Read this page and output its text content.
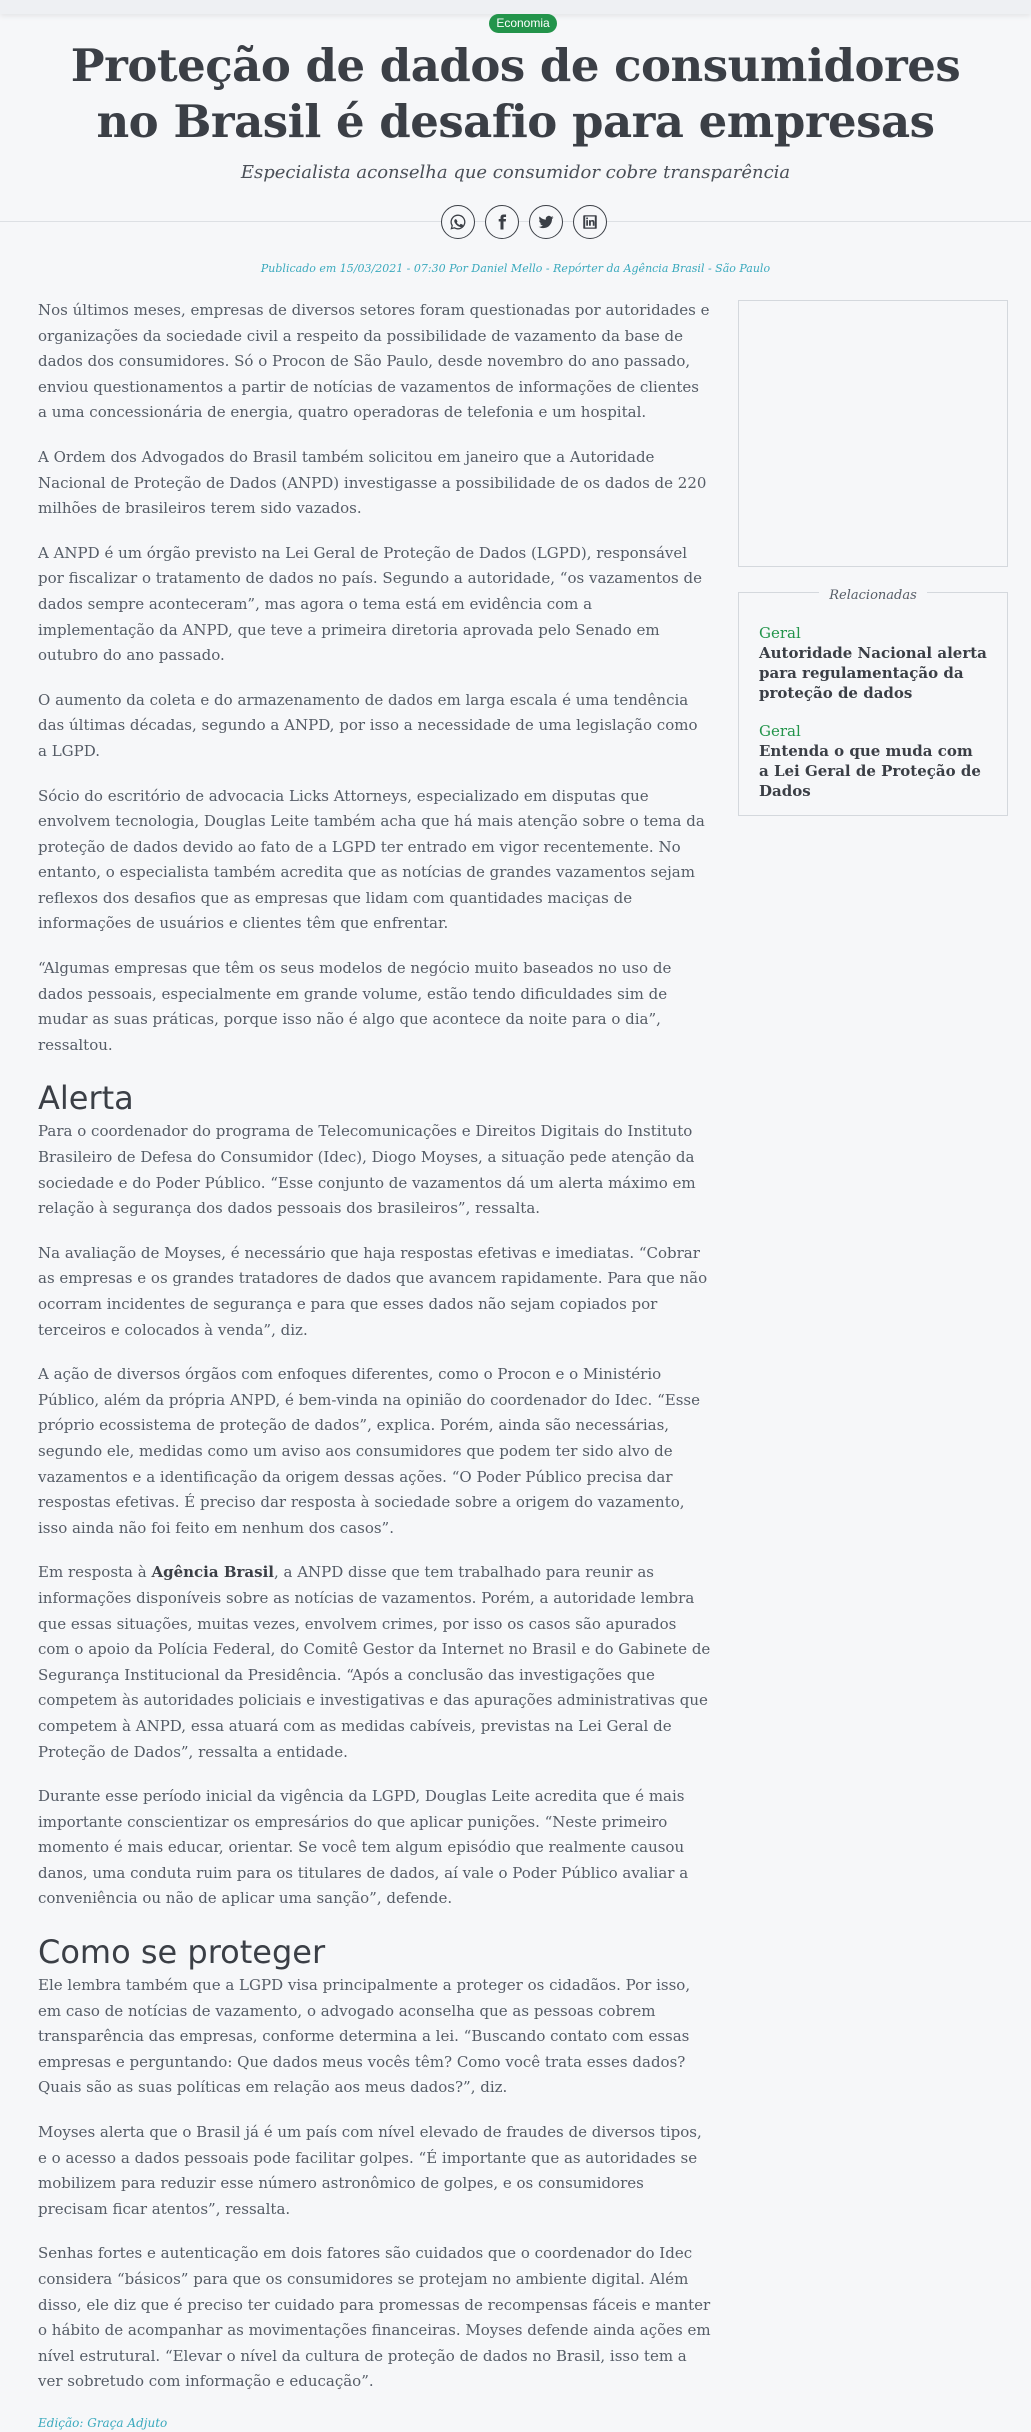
Economia
Proteção de dados de consumidores no Brasil é desafio para empresas
Especialista aconselha que consumidor cobre transparência
Publicado em 15/03/2021 - 07:30 Por Daniel Mello - Repórter da Agência Brasil - São Paulo

Nos últimos meses, empresas de diversos setores foram questionadas por autoridades e organizações da sociedade civil a respeito da possibilidade de vazamento da base de dados dos consumidores. Só o Procon de São Paulo, desde novembro do ano passado, enviou questionamentos a partir de notícias de vazamentos de informações de clientes a uma concessionária de energia, quatro operadoras de telefonia e um hospital.

A Ordem dos Advogados do Brasil também solicitou em janeiro que a Autoridade Nacional de Proteção de Dados (ANPD) investigasse a possibilidade de os dados de 220 milhões de brasileiros terem sido vazados.

A ANPD é um órgão previsto na Lei Geral de Proteção de Dados (LGPD), responsável por fiscalizar o tratamento de dados no país. Segundo a autoridade, “os vazamentos de dados sempre aconteceram”, mas agora o tema está em evidência com a implementação da ANPD, que teve a primeira diretoria aprovada pelo Senado em outubro do ano passado.

O aumento da coleta e do armazenamento de dados em larga escala é uma tendência das últimas décadas, segundo a ANPD, por isso a necessidade de uma legislação como a LGPD.

Sócio do escritório de advocacia Licks Attorneys, especializado em disputas que envolvem tecnologia, Douglas Leite também acha que há mais atenção sobre o tema da proteção de dados devido ao fato de a LGPD ter entrado em vigor recentemente. No entanto, o especialista também acredita que as notícias de grandes vazamentos sejam reflexos dos desafios que as empresas que lidam com quantidades maciças de informações de usuários e clientes têm que enfrentar.

“Algumas empresas que têm os seus modelos de negócio muito baseados no uso de dados pessoais, especialmente em grande volume, estão tendo dificuldades sim de mudar as suas práticas, porque isso não é algo que acontece da noite para o dia”, ressaltou.

Alerta

Para o coordenador do programa de Telecomunicações e Direitos Digitais do Instituto Brasileiro de Defesa do Consumidor (Idec), Diogo Moyses, a situação pede atenção da sociedade e do Poder Público. “Esse conjunto de vazamentos dá um alerta máximo em relação à segurança dos dados pessoais dos brasileiros”, ressalta.

Na avaliação de Moyses, é necessário que haja respostas efetivas e imediatas. “Cobrar as empresas e os grandes tratadores de dados que avancem rapidamente. Para que não ocorram incidentes de segurança e para que esses dados não sejam copiados por terceiros e colocados à venda”, diz.

A ação de diversos órgãos com enfoques diferentes, como o Procon e o Ministério Público, além da própria ANPD, é bem-vinda na opinião do coordenador do Idec. “Esse próprio ecossistema de proteção de dados”, explica. Porém, ainda são necessárias, segundo ele, medidas como um aviso aos consumidores que podem ter sido alvo de vazamentos e a identificação da origem dessas ações. “O Poder Público precisa dar respostas efetivas. É preciso dar resposta à sociedade sobre a origem do vazamento, isso ainda não foi feito em nenhum dos casos”.

Em resposta à Agência Brasil, a ANPD disse que tem trabalhado para reunir as informações disponíveis sobre as notícias de vazamentos. Porém, a autoridade lembra que essas situações, muitas vezes, envolvem crimes, por isso os casos são apurados com o apoio da Polícia Federal, do Comitê Gestor da Internet no Brasil e do Gabinete de Segurança Institucional da Presidência. “Após a conclusão das investigações que competem às autoridades policiais e investigativas e das apurações administrativas que competem à ANPD, essa atuará com as medidas cabíveis, previstas na Lei Geral de Proteção de Dados”, ressalta a entidade.

Durante esse período inicial da vigência da LGPD, Douglas Leite acredita que é mais importante conscientizar os empresários do que aplicar punições. “Neste primeiro momento é mais educar, orientar. Se você tem algum episódio que realmente causou danos, uma conduta ruim para os titulares de dados, aí vale o Poder Público avaliar a conveniência ou não de aplicar uma sanção”, defende.

Como se proteger

Ele lembra também que a LGPD visa principalmente a proteger os cidadãos. Por isso, em caso de notícias de vazamento, o advogado aconselha que as pessoas cobrem transparência das empresas, conforme determina a lei. “Buscando contato com essas empresas e perguntando: Que dados meus vocês têm? Como você trata esses dados? Quais são as suas políticas em relação aos meus dados?”, diz.

Moyses alerta que o Brasil já é um país com nível elevado de fraudes de diversos tipos, e o acesso a dados pessoais pode facilitar golpes. “É importante que as autoridades se mobilizem para reduzir esse número astronômico de golpes, e os consumidores precisam ficar atentos”, ressalta.

Senhas fortes e autenticação em dois fatores são cuidados que o coordenador do Idec considera “básicos” para que os consumidores se protejam no ambiente digital. Além disso, ele diz que é preciso ter cuidado para promessas de recompensas fáceis e manter o hábito de acompanhar as movimentações financeiras. Moyses defende ainda ações em nível estrutural. “Elevar o nível da cultura de proteção de dados no Brasil, isso tem a ver sobretudo com informação e educação”.

Edição: Graça Adjuto
Relacionadas
Geral
Autoridade Nacional alerta para regulamentação da proteção de dados
Geral
Entenda o que muda com a Lei Geral de Proteção de Dados
